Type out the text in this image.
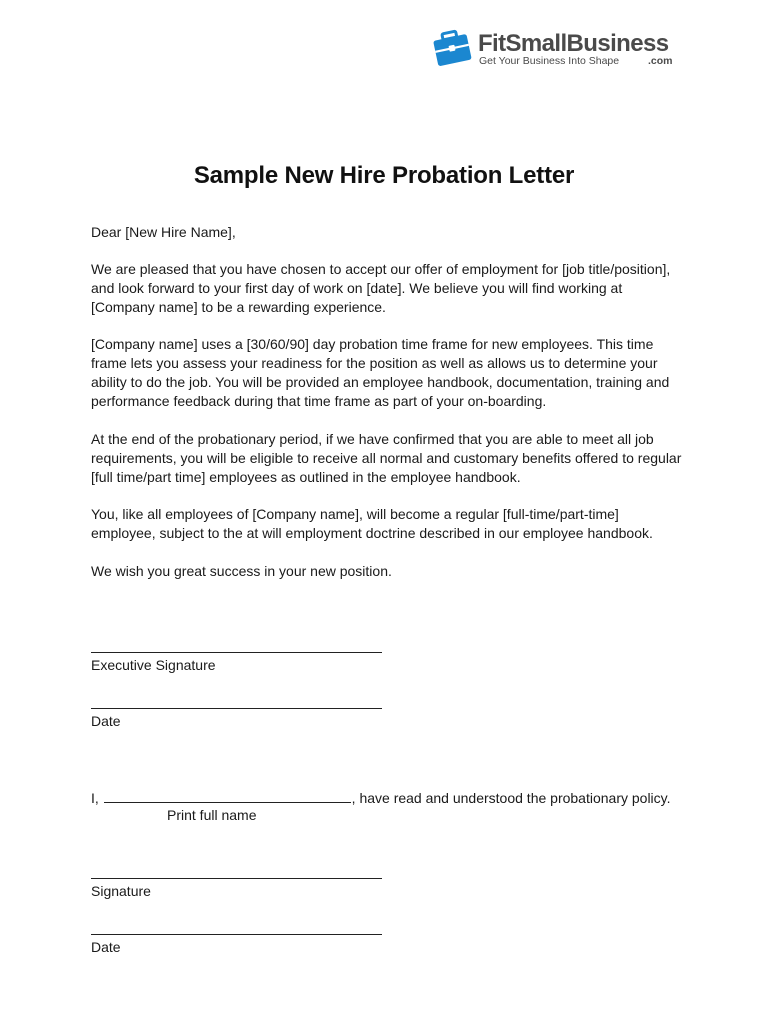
FitSmallBusiness
Get Your Business Into Shape	.com
Sample New Hire Probation Letter
Dear [New Hire Name],
We are pleased that you have chosen to accept our offer of employment for [job title/position],
and look forward to your first day of work on [date]. We believe you will find working at
[Company name] to be a rewarding experience.
[Company name] uses a [30/60/90] day probation time frame for new employees. This time
frame lets you assess your readiness for the position as well as allows us to determine your
ability to do the job. You will be provided an employee handbook, documentation, training and
performance feedback during that time frame as part of your on-boarding.
At the end of the probationary period, if we have confirmed that you are able to meet all job
requirements, you will be eligible to receive all normal and customary benefits offered to regular
[full time/part time] employees as outlined in the employee handbook.
You, like all employees of [Company name], will become a regular [full-time/part-time]
employee, subject to the at will employment doctrine described in our employee handbook.
We wish you great success in your new position.
Executive Signature
Date
I,	, have read and understood the probationary policy.
Print full name
Signature
Date
